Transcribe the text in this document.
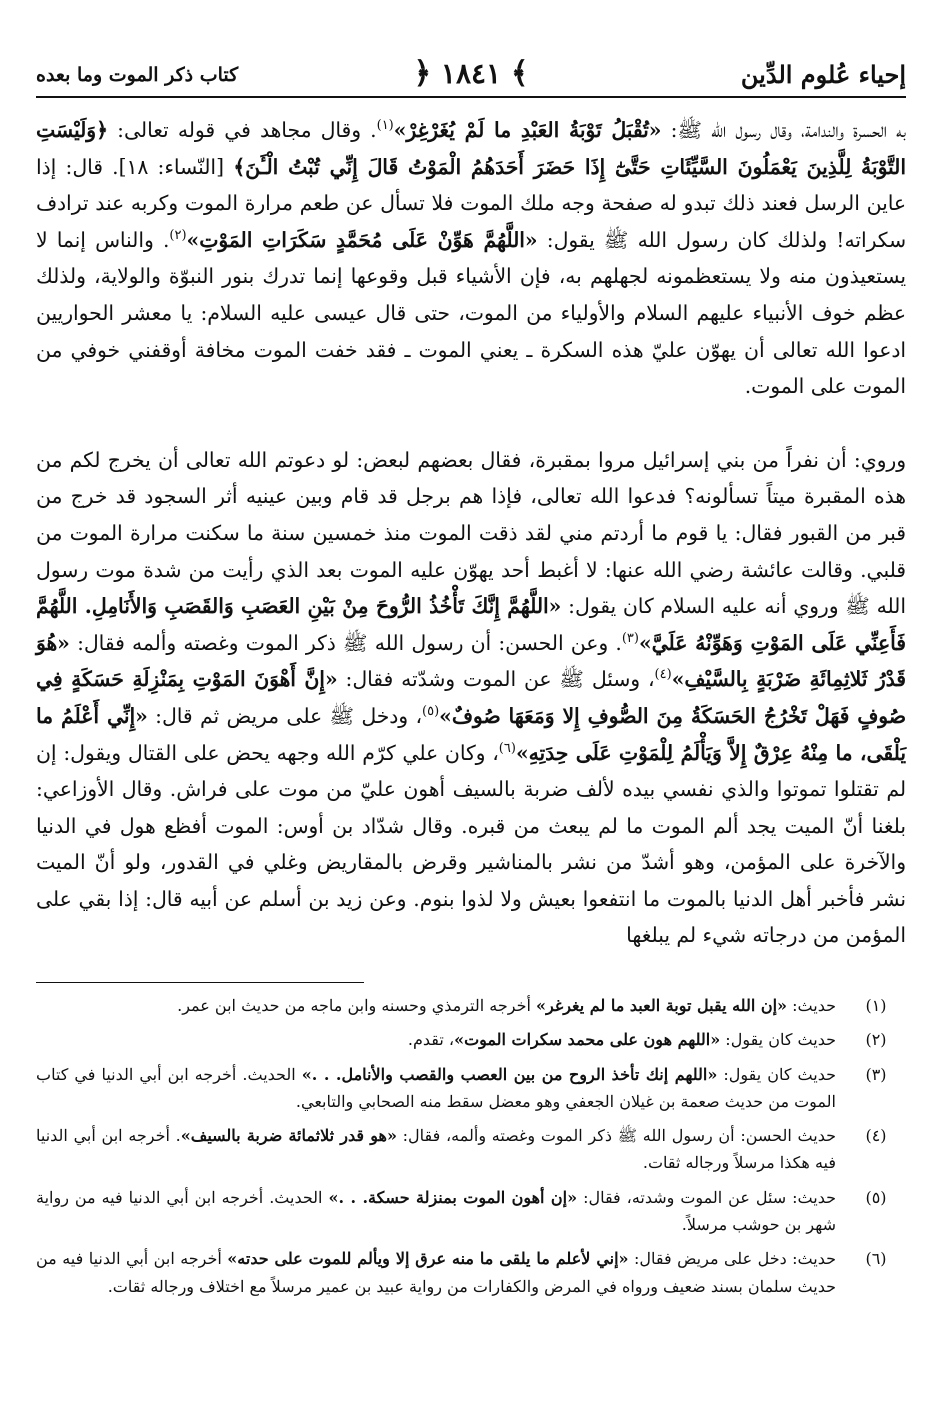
إحياء عُلوم الدِّين
﴾ ١٨٤١ ﴿
كتاب ذكر الموت وما بعده

به الحسرة والندامة، وقال رسول الله ﷺ: «تُقْبَلُ تَوْبَةُ العَبْدِ ما لَمْ يُغَرْغِرْ»$^{(١)}$. وقال مجاهد في قوله تعالى: ﴿وَلَيْسَتِ التَّوْبَةُ لِلَّذِينَ يَعْمَلُونَ السَّيِّئَاتِ حَتَّىٰٓ إِذَا حَضَرَ أَحَدَهُمُ الْمَوْتُ قَالَ إِنِّي تُبْتُ الْـَٔنَ﴾ [النّساء: ١٨]. قال: إذا عاين الرسل فعند ذلك تبدو له صفحة وجه ملك الموت فلا تسأل عن طعم مرارة الموت وكربه عند ترادف سكراته! ولذلك كان رسول الله ﷺ يقول: «اللَّهُمَّ هَوِّنْ عَلَى مُحَمَّدٍ سَكَرَاتِ المَوْتِ»$^{(٢)}$. والناس إنما لا يستعيذون منه ولا يستعظمونه لجهلهم به، فإن الأشياء قبل وقوعها إنما تدرك بنور النبوّة والولاية، ولذلك عظم خوف الأنبياء عليهم السلام والأولياء من الموت، حتى قال عيسى عليه السلام: يا معشر الحواريين ادعوا الله تعالى أن يهوّن عليّ هذه السكرة ـ يعني الموت ـ فقد خفت الموت مخافة أوقفني خوفي من الموت على الموت.

وروي: أن نفراً من بني إسرائيل مروا بمقبرة، فقال بعضهم لبعض: لو دعوتم الله تعالى أن يخرج لكم من هذه المقبرة ميتاً تسألونه؟ فدعوا الله تعالى، فإذا هم برجل قد قام وبين عينيه أثر السجود قد خرج من قبر من القبور فقال: يا قوم ما أردتم مني لقد ذقت الموت منذ خمسين سنة ما سكنت مرارة الموت من قلبي. وقالت عائشة رضي الله عنها: لا أغبط أحد يهوّن عليه الموت بعد الذي رأيت من شدة موت رسول الله ﷺ وروي أنه عليه السلام كان يقول: «اللَّهُمَّ إِنَّكَ تَأْخُذُ الرُّوحَ مِنْ بَيْنِ العَصَبِ وَالقَصَبِ وَالأَنَامِلِ. اللَّهُمَّ فَأَعِنِّي عَلَى المَوْتِ وَهَوِّنْهُ عَلَيَّ»$^{(٣)}$. وعن الحسن: أن رسول الله ﷺ ذكر الموت وغصته وألمه فقال: «هُوَ قَدْرُ ثَلاثِمِائَةِ ضَرْبَةٍ بِالسَّيْفِ»$^{(٤)}$، وسئل ﷺ عن الموت وشدّته فقال: «إِنَّ أَهْوَنَ المَوْتِ بِمَنْزِلَةِ حَسَكَةٍ فِي صُوفٍ فَهَلْ تَخْرُجُ الحَسَكَةُ مِنَ الصُّوفِ إِلا وَمَعَهَا صُوفٌ»$^{(٥)}$، ودخل ﷺ على مريض ثم قال: «إِنِّي أَعْلَمُ ما يَلْقَى، ما مِنْهُ عِرْقٌ إِلاَّ وَيَأْلَمُ لِلْمَوْتِ عَلَى حِدَتِهِ»$^{(٦)}$، وكان علي كرّم الله وجهه يحض على القتال ويقول: إن لم تقتلوا تموتوا والذي نفسي بيده لألف ضربة بالسيف أهون عليّ من موت على فراش. وقال الأوزاعي: بلغنا أنّ الميت يجد ألم الموت ما لم يبعث من قبره. وقال شدّاد بن أوس: الموت أفظع هول في الدنيا والآخرة على المؤمن، وهو أشدّ من نشر بالمناشير وقرض بالمقاريض وغلي في القدور، ولو أنّ الميت نشر فأخبر أهل الدنيا بالموت ما انتفعوا بعيش ولا لذوا بنوم. وعن زيد بن أسلم عن أبيه قال: إذا بقي على المؤمن من درجاته شيء لم يبلغها

(١)
حديث: «إن الله يقبل توبة العبد ما لم يغرغر» أخرجه الترمذي وحسنه وابن ماجه من حديث ابن عمر.
(٢)
حديث كان يقول: «اللهم هون على محمد سكرات الموت»، تقدم.
(٣)
حديث كان يقول: «اللهم إنك تأخذ الروح من بين العصب والقصب والأنامل. . .» الحديث. أخرجه ابن أبي الدنيا في كتاب الموت من حديث صعمة بن غيلان الجعفي وهو معضل سقط منه الصحابي والتابعي.
(٤)
حديث الحسن: أن رسول الله ﷺ ذكر الموت وغصته وألمه، فقال: «هو قدر ثلاثمائة ضربة بالسيف». أخرجه ابن أبي الدنيا فيه هكذا مرسلاً ورجاله ثقات.
(٥)
حديث: سئل عن الموت وشدته، فقال: «إن أهون الموت بمنزلة حسكة. . .» الحديث. أخرجه ابن أبي الدنيا فيه من رواية شهر بن حوشب مرسلاً.
(٦)
حديث: دخل على مريض فقال: «إني لأعلم ما يلقى ما منه عرق إلا ويألم للموت على حدته» أخرجه ابن أبي الدنيا فيه من حديث سلمان بسند ضعيف ورواه في المرض والكفارات من رواية عبيد بن عمير مرسلاً مع اختلاف ورجاله ثقات.
